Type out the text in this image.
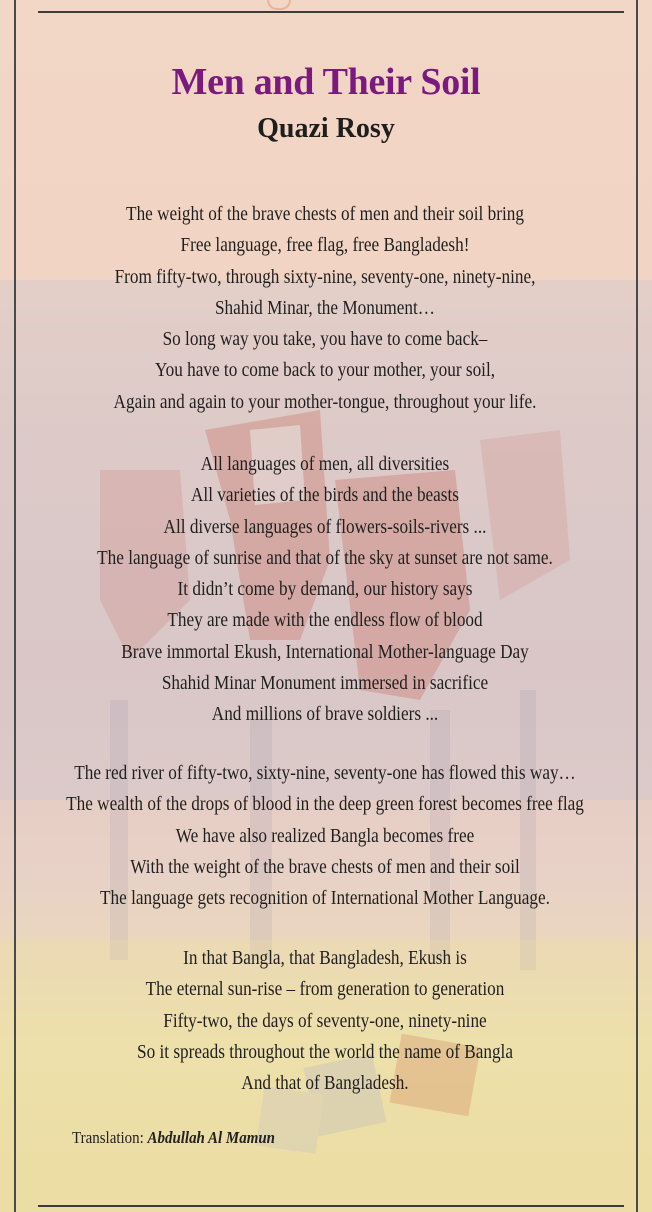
Men and Their Soil
Quazi Rosy
The weight of the brave chests of men and their soil bring
Free language, free flag, free Bangladesh!
From fifty-two, through sixty-nine, seventy-one, ninety-nine,
Shahid Minar, the Monument…
So long way you take, you have to come back–
You have to come back to your mother, your soil,
Again and again to your mother-tongue, throughout your life.
All languages of men, all diversities
All varieties of the birds and the beasts
All diverse languages of flowers-soils-rivers ...
The language of sunrise and that of the sky at sunset are not same.
It didn’t come by demand, our history says
They are made with the endless flow of blood
Brave immortal Ekush, International Mother-language Day
Shahid Minar Monument immersed in sacrifice
And millions of brave soldiers ...
The red river of fifty-two, sixty-nine, seventy-one has flowed this way…
The wealth of the drops of blood in the deep green forest becomes free flag
We have also realized Bangla becomes free
With the weight of the brave chests of men and their soil
The language gets recognition of International Mother Language.
In that Bangla, that Bangladesh, Ekush is
The eternal sun-rise – from generation to generation
Fifty-two, the days of seventy-one, ninety-nine
So it spreads throughout the world the name of Bangla
And that of Bangladesh.
Translation: Abdullah Al Mamun
